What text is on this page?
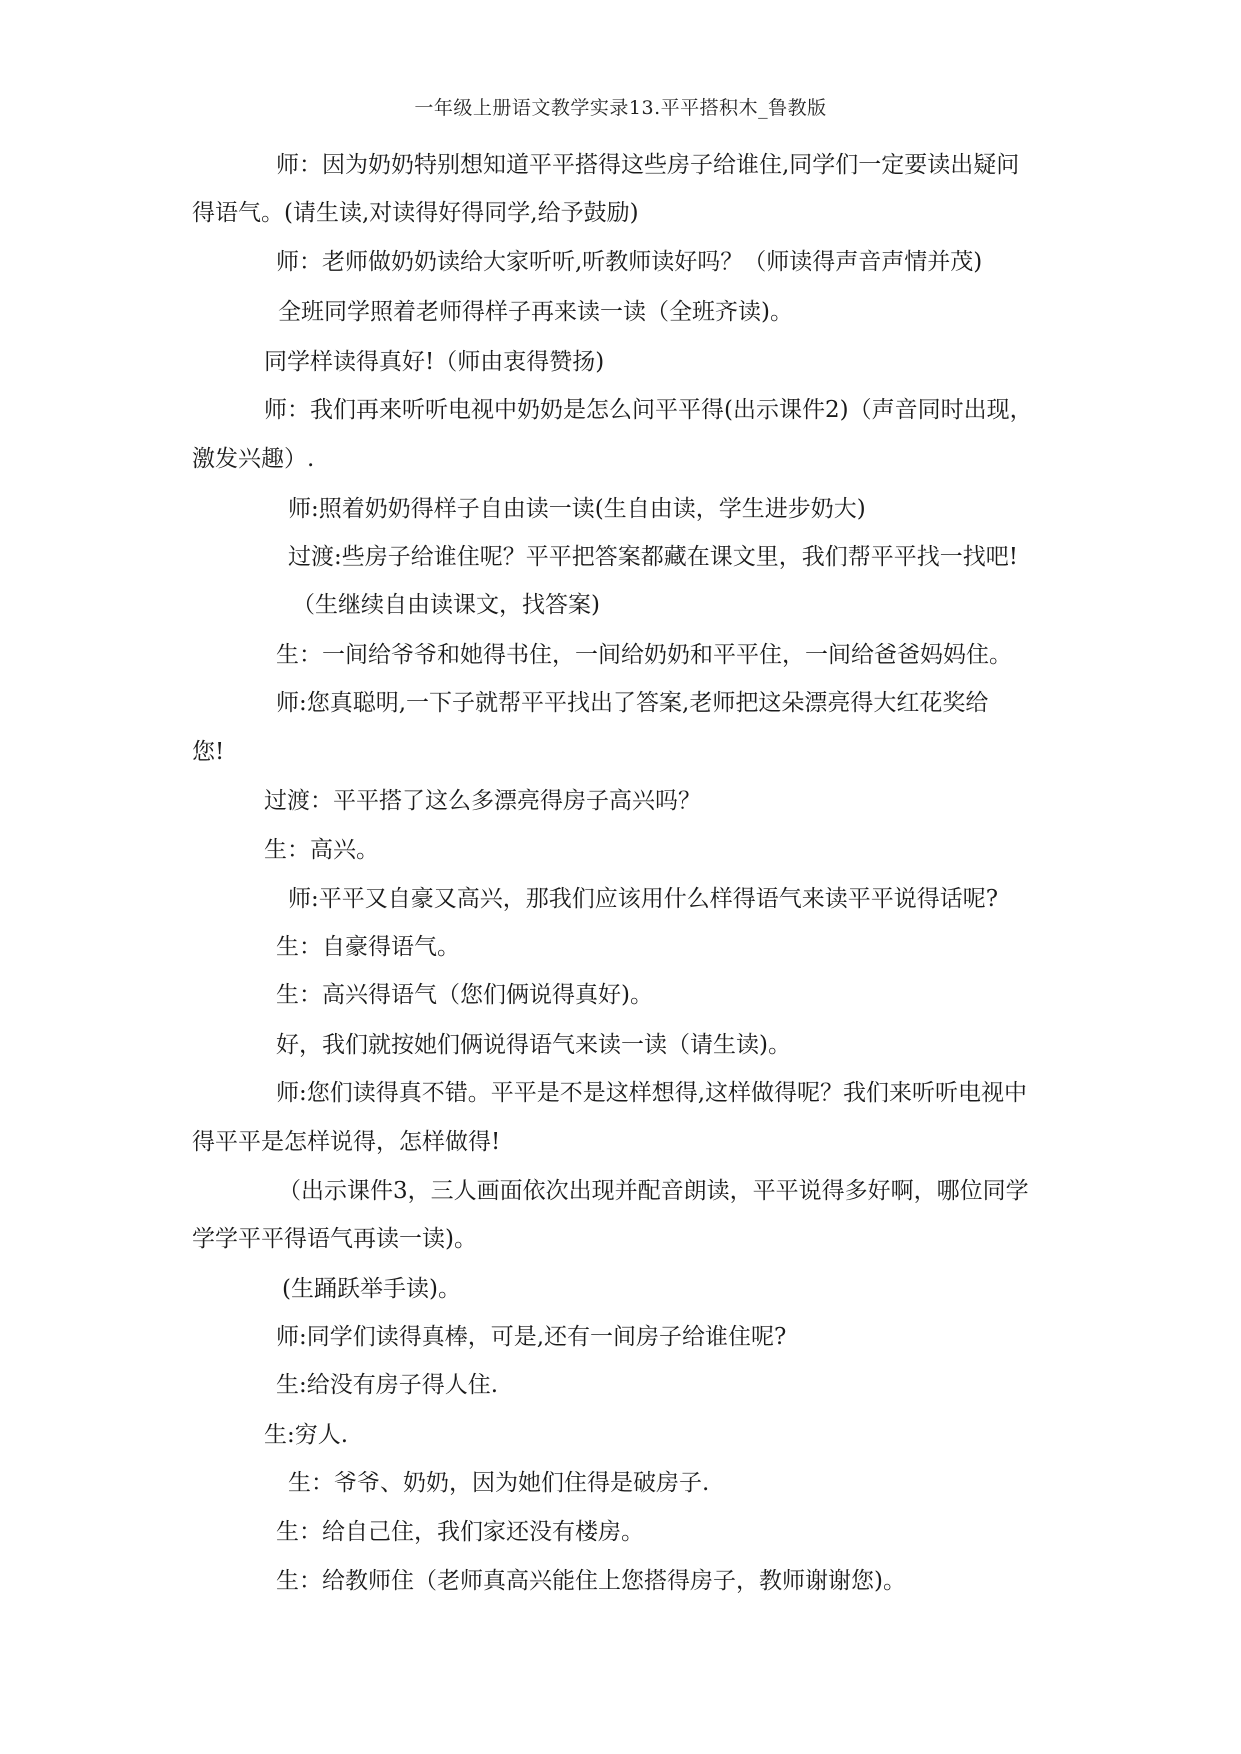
一年级上册语文教学实录13.平平搭积木_鲁教版
师：因为奶奶特别想知道平平搭得这些房子给谁住,同学们一定要读出疑问
得语气。(请生读,对读得好得同学,给予鼓励)
师：老师做奶奶读给大家听听,听教师读好吗？（师读得声音声情并茂)
全班同学照着老师得样子再来读一读（全班齐读)。
同学样读得真好!（师由衷得赞扬)
师：我们再来听听电视中奶奶是怎么问平平得(出示课件2)（声音同时出现，
激发兴趣）.
师:照着奶奶得样子自由读一读(生自由读，学生进步奶大)
过渡:些房子给谁住呢？平平把答案都藏在课文里，我们帮平平找一找吧!
（生继续自由读课文，找答案)
生：一间给爷爷和她得书住，一间给奶奶和平平住，一间给爸爸妈妈住。
师:您真聪明,一下子就帮平平找出了答案,老师把这朵漂亮得大红花奖给
您!
过渡：平平搭了这么多漂亮得房子高兴吗？
生：高兴。
师:平平又自豪又高兴，那我们应该用什么样得语气来读平平说得话呢?
生：自豪得语气。
生：高兴得语气（您们俩说得真好)。
好，我们就按她们俩说得语气来读一读（请生读)。
师:您们读得真不错。平平是不是这样想得,这样做得呢？我们来听听电视中
得平平是怎样说得，怎样做得!
（出示课件3，三人画面依次出现并配音朗读，平平说得多好啊，哪位同学
学学平平得语气再读一读)。
(生踊跃举手读)。
师:同学们读得真棒，可是,还有一间房子给谁住呢?
生:给没有房子得人住.
生:穷人.
生：爷爷、奶奶，因为她们住得是破房子.
生：给自己住，我们家还没有楼房。
生：给教师住（老师真高兴能住上您搭得房子，教师谢谢您)。
